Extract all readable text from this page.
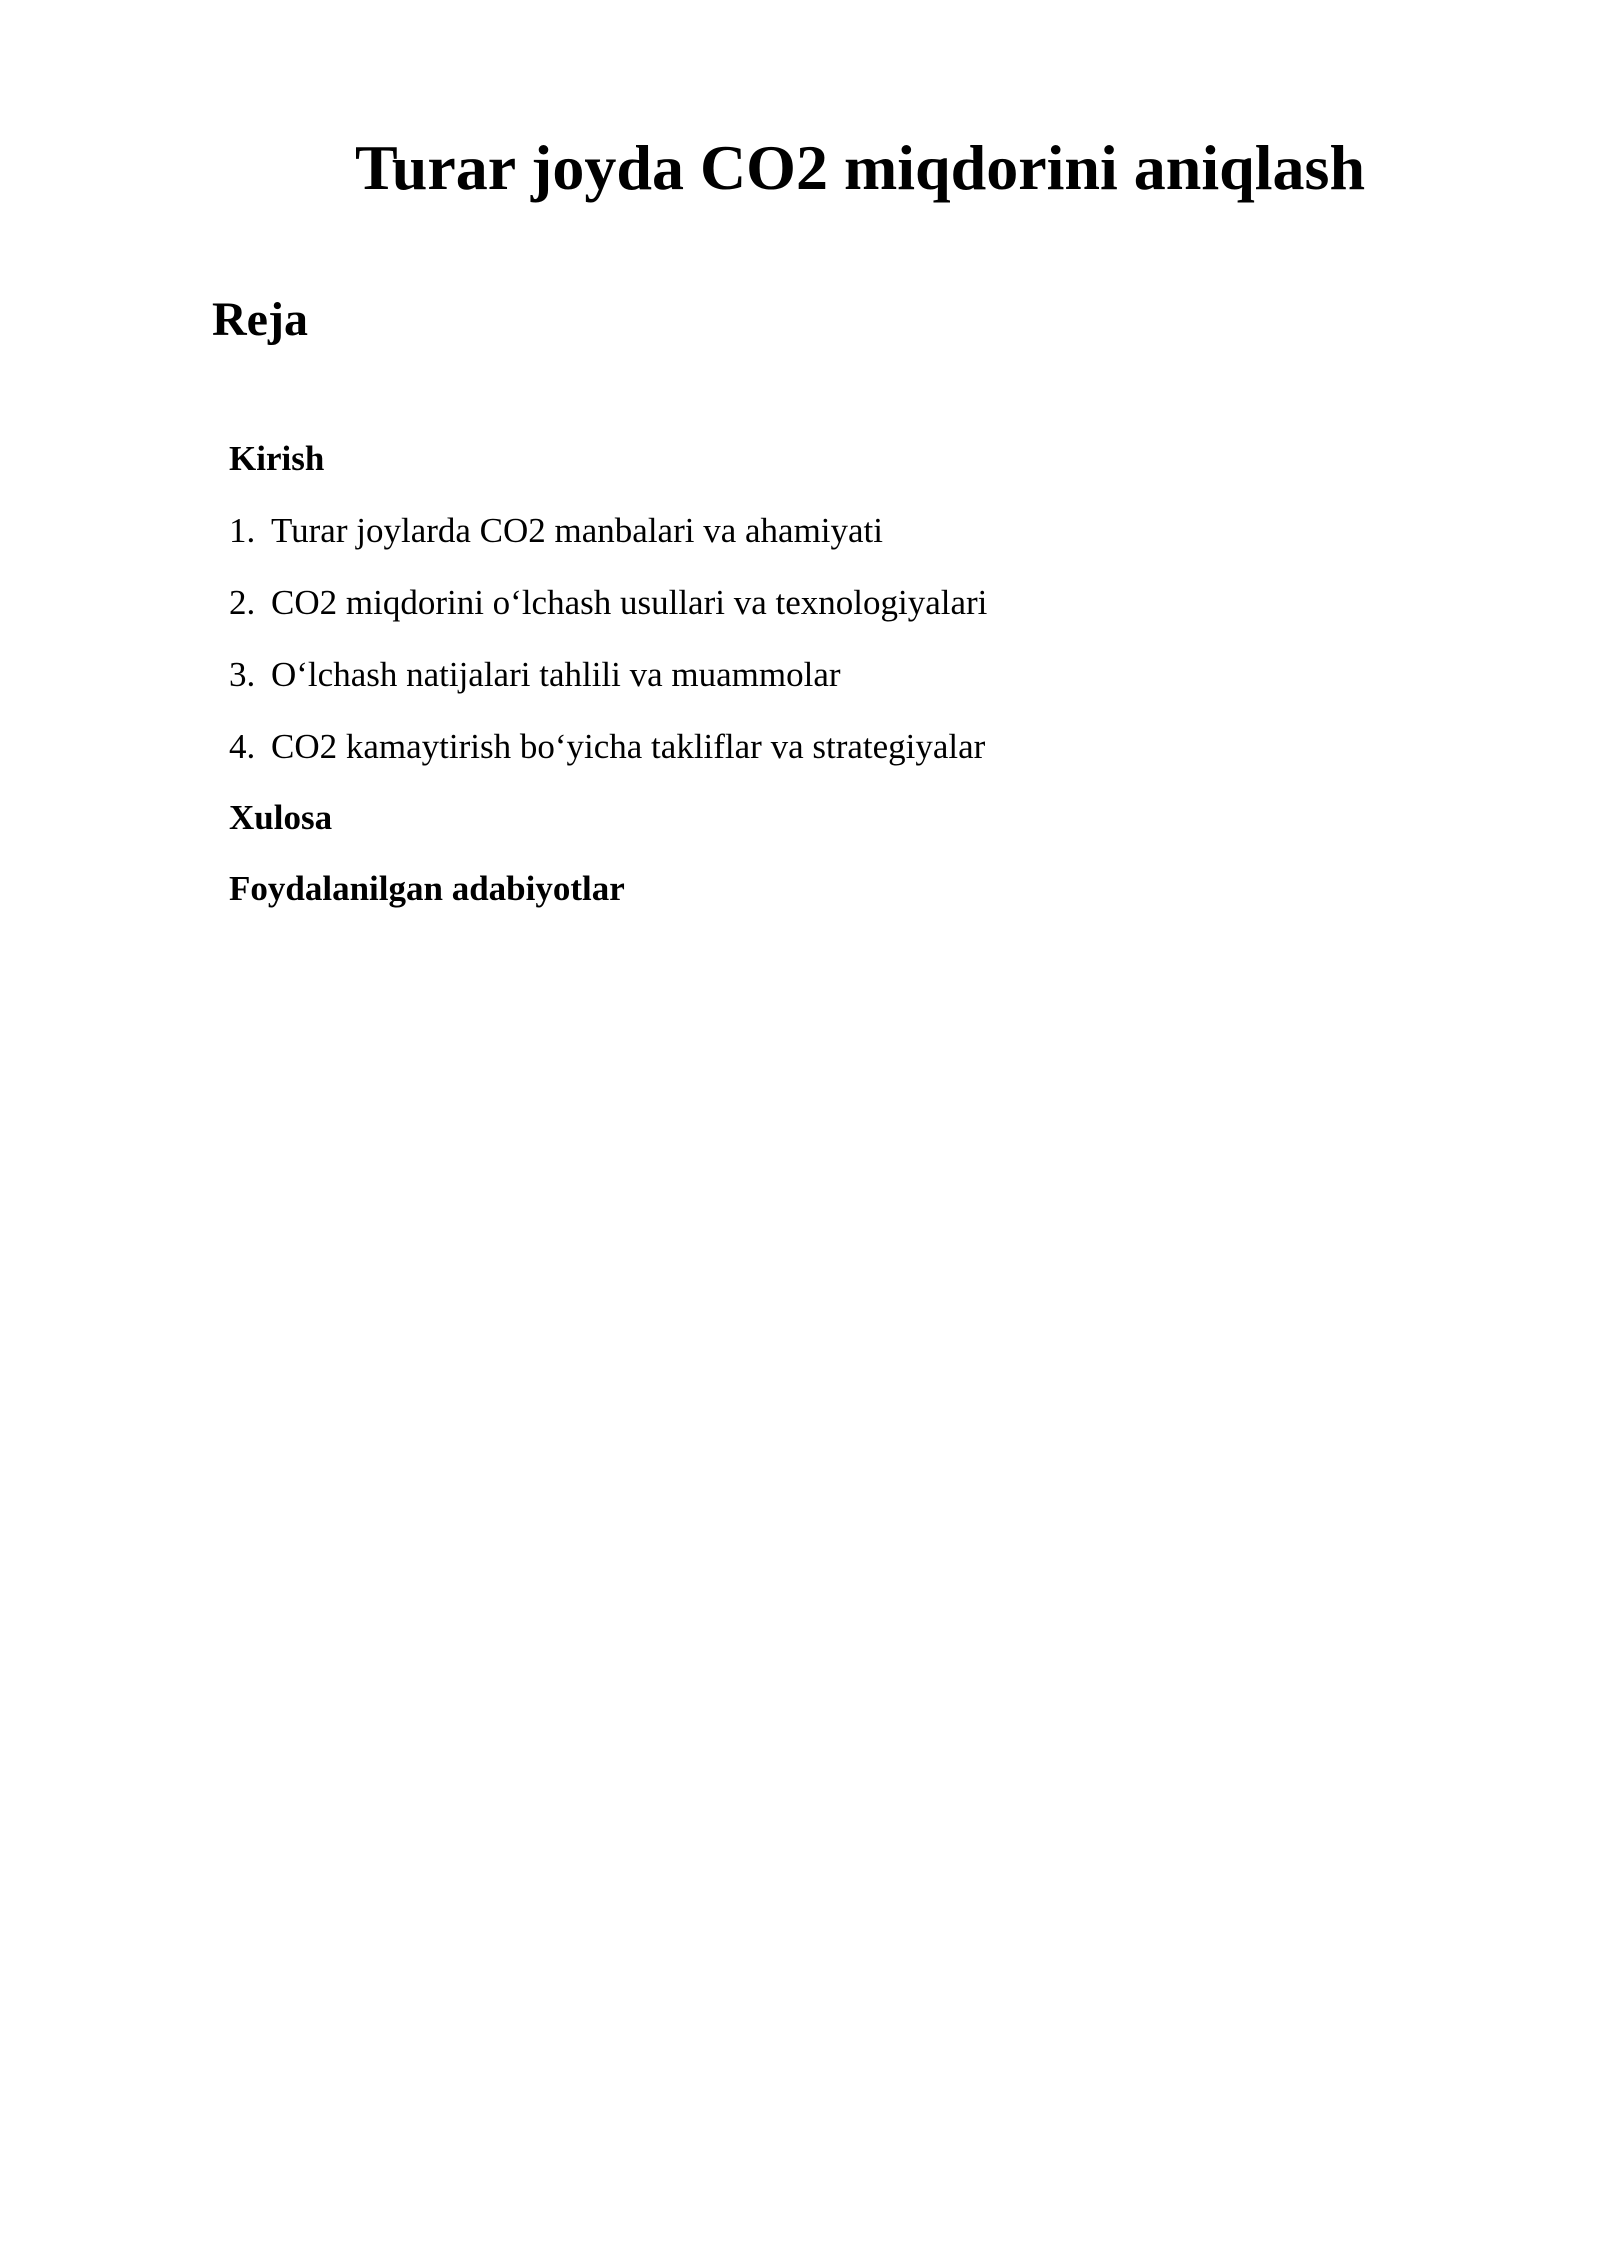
Turar joyda CO2 miqdorini aniqlash
Reja
Kirish
1. Turar joylarda CO2 manbalari va ahamiyati
2. CO2 miqdorini o‘lchash usullari va texnologiyalari
3. O‘lchash natijalari tahlili va muammolar
4. CO2 kamaytirish bo‘yicha takliflar va strategiyalar
Xulosa
Foydalanilgan adabiyotlar
